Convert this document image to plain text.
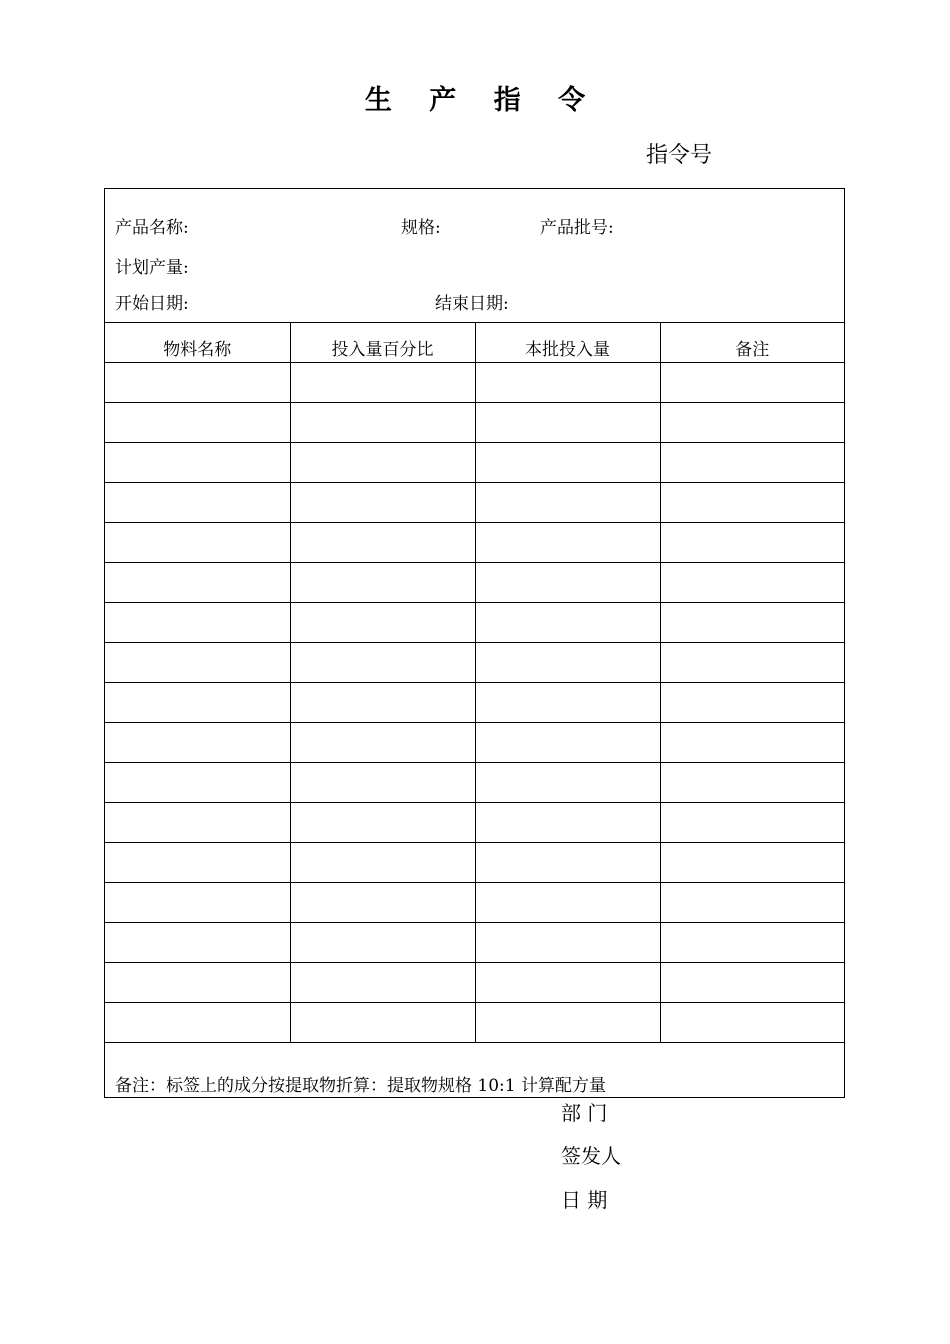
生 产 指 令
指令号
产品名称:	规格:	产品批号:
计划产量:
开始日期:	结束日期:
物料名称	投入量百分比	本批投入量	备注

备注：标签上的成分按提取物折算：提取物规格 10:1 计算配方量
部 门
签发人
日 期
